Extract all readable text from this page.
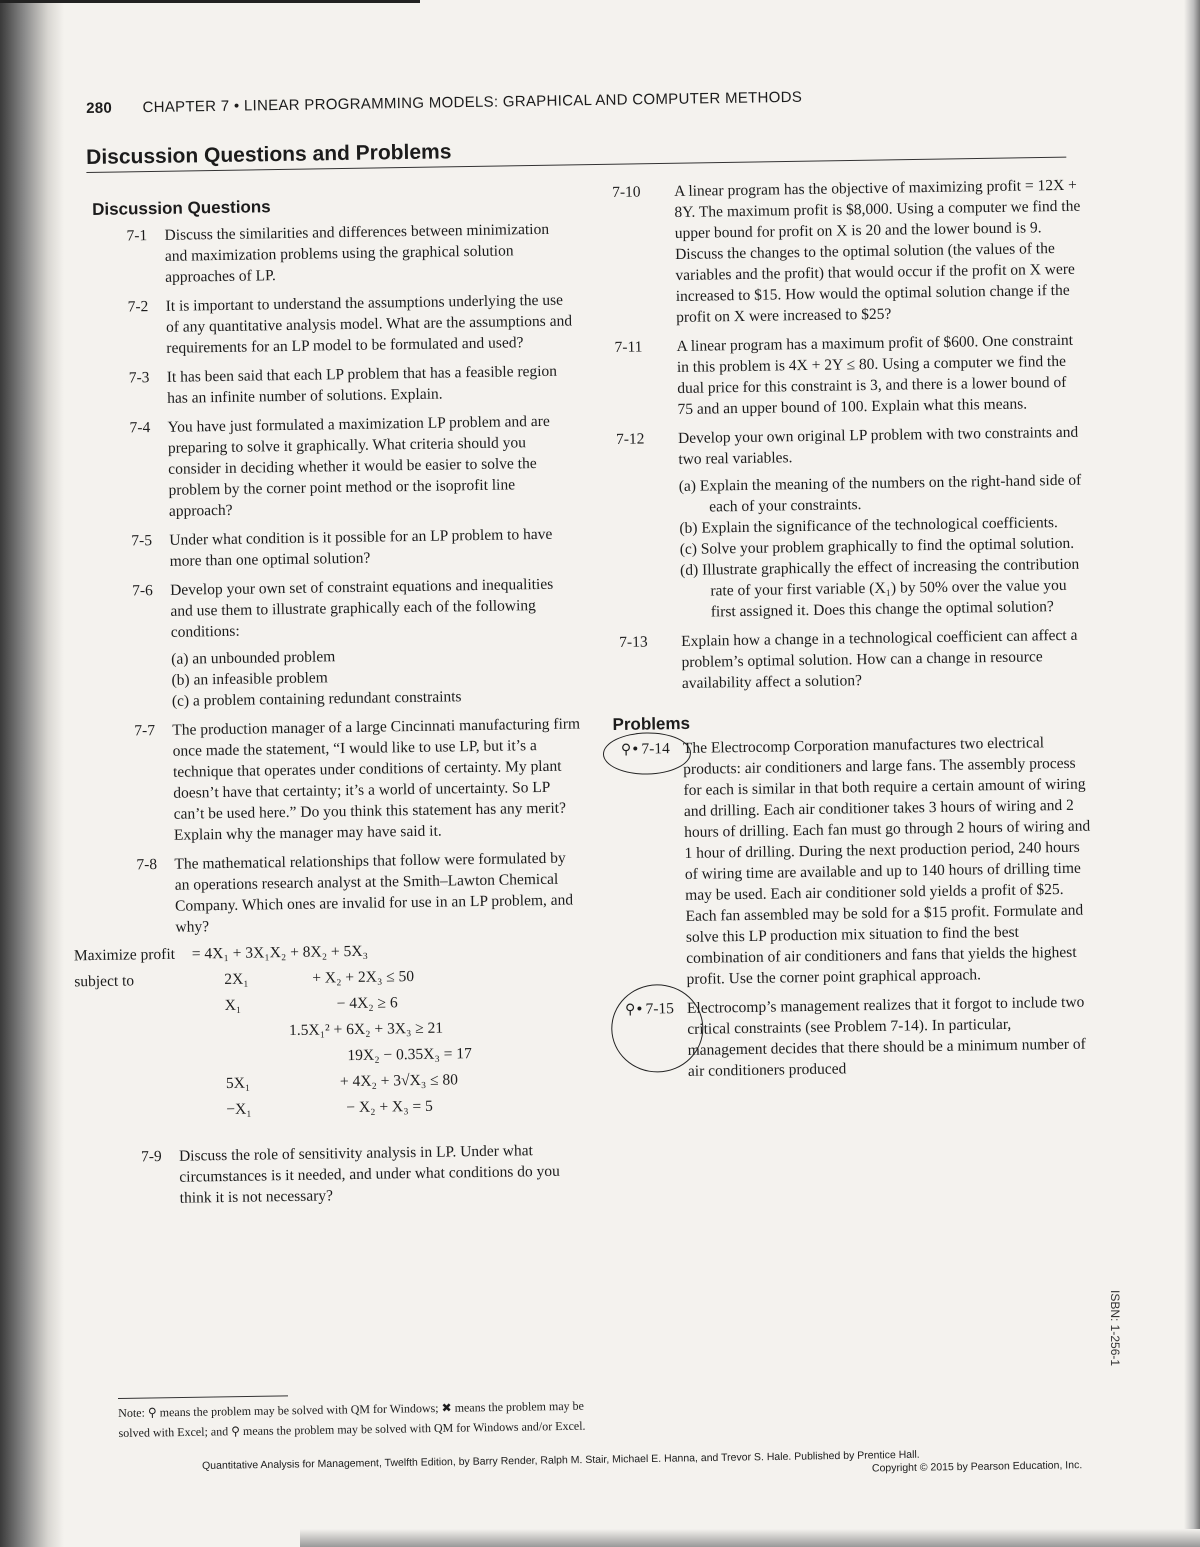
280 CHAPTER 7 • LINEAR PROGRAMMING MODELS: GRAPHICAL AND COMPUTER METHODS
Discussion Questions and Problems
Discussion Questions
7-1 Discuss the similarities and differences between minimization and maximization problems using the graphical solution approaches of LP.
7-2 It is important to understand the assumptions underlying the use of any quantitative analysis model. What are the assumptions and requirements for an LP model to be formulated and used?
7-3 It has been said that each LP problem that has a feasible region has an infinite number of solutions. Explain.
7-4 You have just formulated a maximization LP problem and are preparing to solve it graphically. What criteria should you consider in deciding whether it would be easier to solve the problem by the corner point method or the isoprofit line approach?
7-5 Under what condition is it possible for an LP problem to have more than one optimal solution?
7-6 Develop your own set of constraint equations and inequalities and use them to illustrate graphically each of the following conditions:
(a) an unbounded problem
(b) an infeasible problem
(c) a problem containing redundant constraints
7-7 The production manager of a large Cincinnati manufacturing firm once made the statement, “I would like to use LP, but it’s a technique that operates under conditions of certainty. My plant doesn’t have that certainty; it’s a world of uncertainty. So LP can’t be used here.” Do you think this statement has any merit? Explain why the manager may have said it.
7-8 The mathematical relationships that follow were formulated by an operations research analyst at the Smith–Lawton Chemical Company. Which ones are invalid for use in an LP problem, and why?
Maximize profit = 4X₁ + 3X₁X₂ + 8X₂ + 5X₃
subject to	2X₁	+ X₂ + 2X₃ ≤ 50
X₁	− 4X₂ ≥ 6
1.5X₁² + 6X₂ + 3X₃ ≥ 21
19X₂ − 0.35X₃ = 17
5X₁	+ 4X₂ + 3√X₃ ≤ 80
−X₁	− X₂ + X₃ = 5
7-9 Discuss the role of sensitivity analysis in LP. Under what circumstances is it needed, and under what conditions do you think it is not necessary?
7-10 A linear program has the objective of maximizing profit = 12X + 8Y. The maximum profit is $8,000. Using a computer we find the upper bound for profit on X is 20 and the lower bound is 9. Discuss the changes to the optimal solution (the values of the variables and the profit) that would occur if the profit on X were increased to $15. How would the optimal solution change if the profit on X were increased to $25?
7-11 A linear program has a maximum profit of $600. One constraint in this problem is 4X + 2Y ≤ 80. Using a computer we find the dual price for this constraint is 3, and there is a lower bound of 75 and an upper bound of 100. Explain what this means.
7-12 Develop your own original LP problem with two constraints and two real variables.
(a) Explain the meaning of the numbers on the right-hand side of each of your constraints.
(b) Explain the significance of the technological coefficients.
(c) Solve your problem graphically to find the optimal solution.
(d) Illustrate graphically the effect of increasing the contribution rate of your first variable (X₁) by 50% over the value you first assigned it. Does this change the optimal solution?
7-13 Explain how a change in a technological coefficient can affect a problem’s optimal solution. How can a change in resource availability affect a solution?
Problems
⚲• 7-14 The Electrocomp Corporation manufactures two electrical products: air conditioners and large fans. The assembly process for each is similar in that both require a certain amount of wiring and drilling. Each air conditioner takes 3 hours of wiring and 2 hours of drilling. Each fan must go through 2 hours of wiring and 1 hour of drilling. During the next production period, 240 hours of wiring time are available and up to 140 hours of drilling time may be used. Each air conditioner sold yields a profit of $25. Each fan assembled may be sold for a $15 profit. Formulate and solve this LP production mix situation to find the best combination of air conditioners and fans that yields the highest profit. Use the corner point graphical approach.
⚲• 7-15 Electrocomp’s management realizes that it forgot to include two critical constraints (see Problem 7-14). In particular, management decides that there should be a minimum number of air conditioners produced
Note: ⚲ means the problem may be solved with QM for Windows; ✖ means the problem may be
solved with Excel; and ⚲ means the problem may be solved with QM for Windows and/or Excel.
Quantitative Analysis for Management, Twelfth Edition, by Barry Render, Ralph M. Stair, Michael E. Hanna, and Trevor S. Hale. Published by Prentice Hall.
Copyright © 2015 by Pearson Education, Inc.
ISBN: 1-256-1
